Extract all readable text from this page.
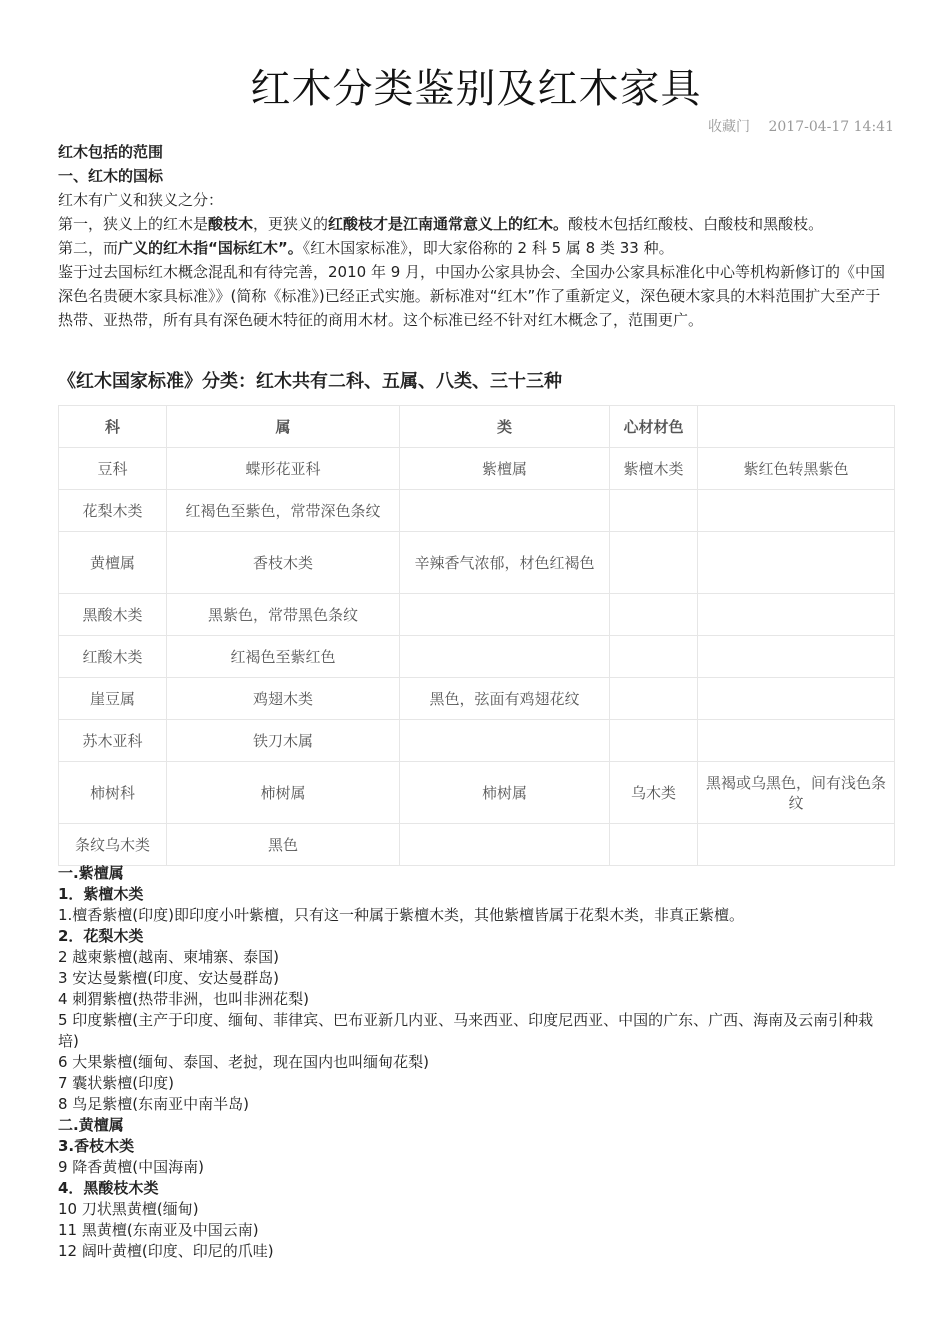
红木分类鉴别及红木家具
收藏门 2017-04-17 14:41

红木包括的范围

一、红木的国标

红木有广义和狭义之分：

第一，狭义上的红木是酸枝木，更狭义的红酸枝才是江南通常意义上的红木。酸枝木包括红酸枝、白酸枝和黑酸枝。

第二，而广义的红木指“国标红木”。《红木国家标准》，即大家俗称的 2 科 5 属 8 类 33 种。

鉴于过去国标红木概念混乱和有待完善，2010 年 9 月，中国办公家具协会、全国办公家具标准化中心等机构新修订的《中国深色名贵硬木家具标准》》(简称《标准》)已经正式实施。新标准对“红木”作了重新定义，深色硬木家具的木料范围扩大至产于热带、亚热带，所有具有深色硬木特征的商用木材。这个标准已经不针对红木概念了，范围更广。

《红木国家标准》分类：红木共有二科、五属、八类、三十三种
科	属	类	心材材色	
豆科	蝶形花亚科	紫檀属	紫檀木类	紫红色转黑紫色
花梨木类	红褐色至紫色，常带深色条纹			
黄檀属	香枝木类	辛辣香气浓郁，材色红褐色		
黑酸木类	黑紫色，常带黑色条纹			
红酸木类	红褐色至紫红色			
崖豆属	鸡翅木类	黑色，弦面有鸡翅花纹		
苏木亚科	铁刀木属			
柿树科	柿树属	柿树属	乌木类	黑褐或乌黑色，间有浅色条纹
条纹乌木类	黑色			

一.紫檀属

1．紫檀木类

1.檀香紫檀(印度)即印度小叶紫檀，只有这一种属于紫檀木类，其他紫檀皆属于花梨木类，非真正紫檀。

2．花梨木类

2 越柬紫檀(越南、柬埔寨、泰国)

3 安达曼紫檀(印度、安达曼群岛)

4 刺猬紫檀(热带非洲，也叫非洲花梨)

5 印度紫檀(主产于印度、缅甸、菲律宾、巴布亚新几内亚、马来西亚、印度尼西亚、中国的广东、广西、海南及云南引种栽培)

6 大果紫檀(缅甸、泰国、老挝，现在国内也叫缅甸花梨)

7 囊状紫檀(印度)

8 鸟足紫檀(东南亚中南半岛)

二.黄檀属

3.香枝木类

9 降香黄檀(中国海南)

4．黑酸枝木类

10 刀状黑黄檀(缅甸)

11 黑黄檀(东南亚及中国云南)

12 阔叶黄檀(印度、印尼的爪哇)
